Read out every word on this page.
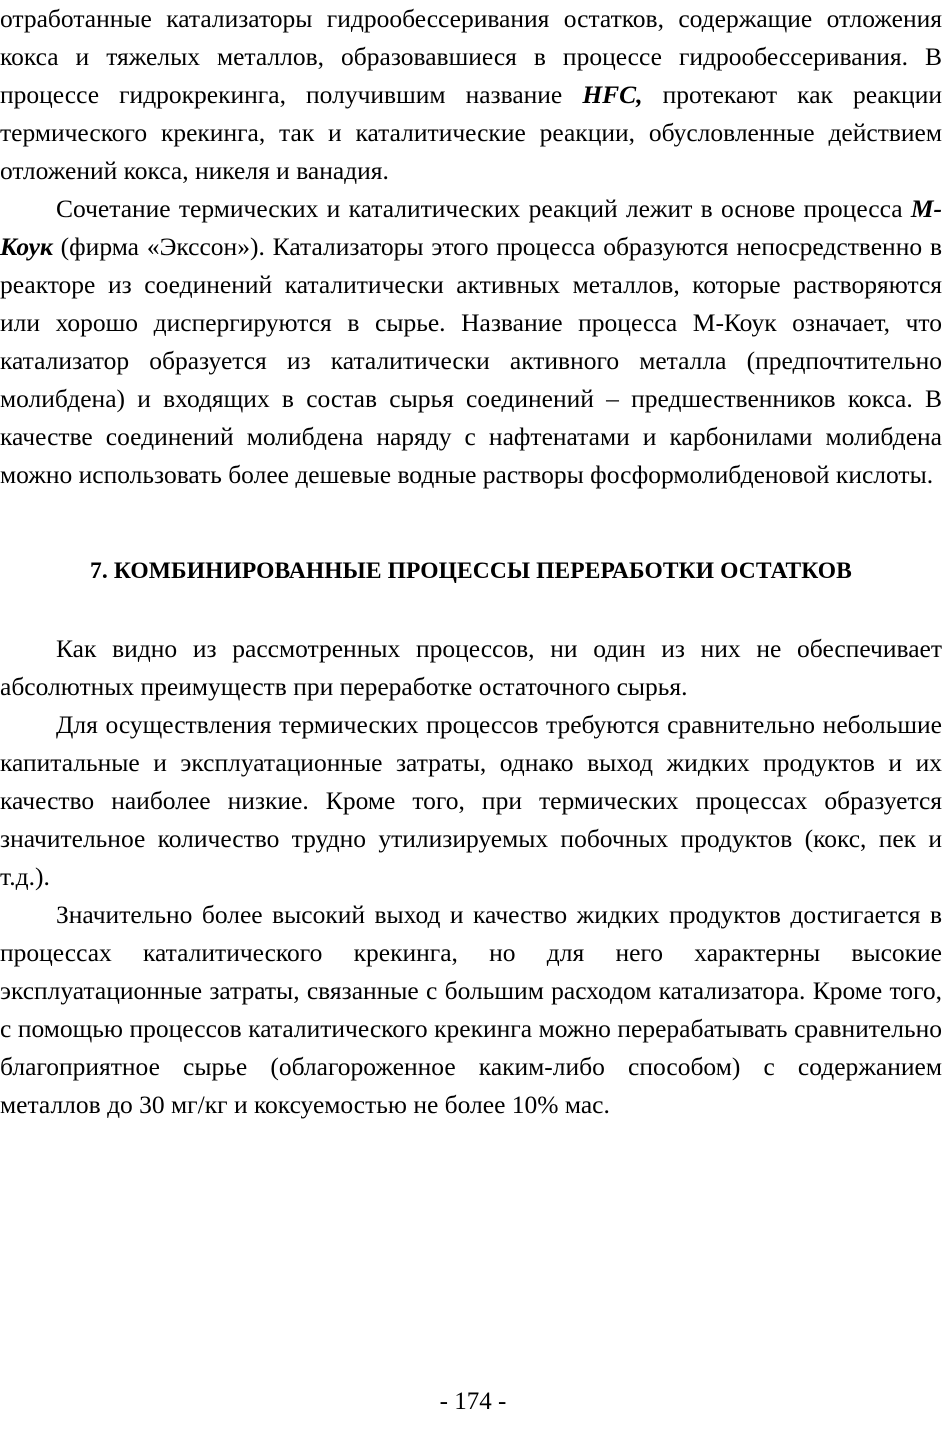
отработанные катализаторы гидрообессеривания остатков, содержащие отложения кокса и тяжелых металлов, образовавшиеся в процессе гидрообессеривания. В процессе гидрокрекинга, получившим название HFC, протекают как реакции термического крекинга, так и каталитические реакции, обусловленные действием отложений кокса, никеля и ванадия.

Сочетание термических и каталитических реакций лежит в основе процесса М-Коук (фирма «Экссон»). Катализаторы этого процесса образуются непосредственно в реакторе из соединений каталитически активных металлов, которые растворяются или хорошо диспергируются в сырье. Название процесса М-Коук означает, что катализатор образуется из каталитически активного металла (предпочтительно молибдена) и входящих в состав сырья соединений – предшественников кокса. В качестве соединений молибдена наряду с нафтенатами и карбонилами молибдена можно использовать более дешевые водные растворы фосформолибденовой кислоты.

7. КОМБИНИРОВАННЫЕ ПРОЦЕССЫ ПЕРЕРАБОТКИ ОСТАТКОВ

Как видно из рассмотренных процессов, ни один из них не обеспечивает абсолютных преимуществ при переработке остаточного сырья.

Для осуществления термических процессов требуются сравнительно небольшие капитальные и эксплуатационные затраты, однако выход жидких продуктов и их качество наиболее низкие. Кроме того, при термических процессах образуется значительное количество трудно утилизируемых побочных продуктов (кокс, пек и т.д.).

Значительно более высокий выход и качество жидких продуктов достигается в процессах каталитического крекинга, но для него характерны высокие эксплуатационные затраты, связанные с большим расходом катализатора. Кроме того, с помощью процессов каталитического крекинга можно перерабатывать сравнительно благоприятное сырье (облагороженное каким-либо способом) с содержанием металлов до 30 мг/кг и коксуемостью не более 10% мас.

- 174 -
